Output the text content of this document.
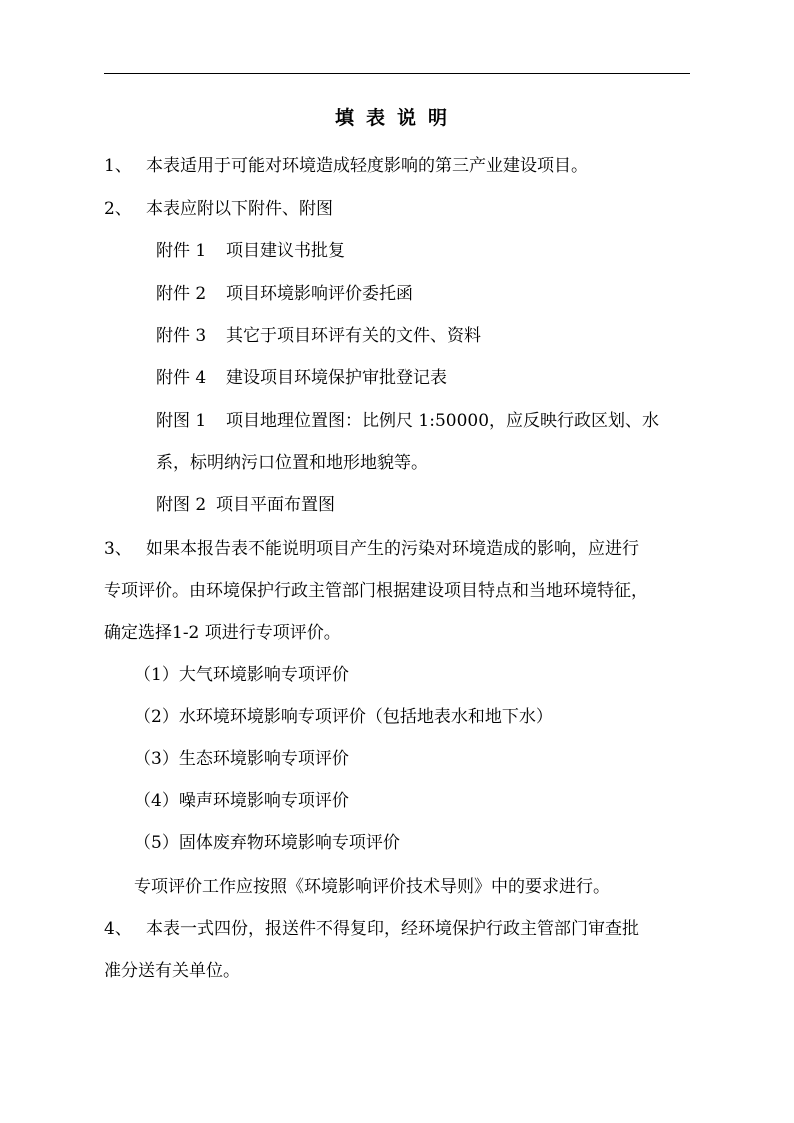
填表说明
1、 本表适用于可能对环境造成轻度影响的第三产业建设项目。
2、 本表应附以下附件、附图
附件 1 项目建议书批复
附件 2 项目环境影响评价委托函
附件 3 其它于项目环评有关的文件、资料
附件 4 建设项目环境保护审批登记表
附图 1 项目地理位置图：比例尺 1:50000，应反映行政区划、水
系，标明纳污口位置和地形地貌等。
附图 2 项目平面布置图
3、 如果本报告表不能说明项目产生的污染对环境造成的影响，应进行
专项评价。由环境保护行政主管部门根据建设项目特点和当地环境特征，
确定选择1-2 项进行专项评价。
（1）大气环境影响专项评价
（2）水环境环境影响专项评价（包括地表水和地下水）
（3）生态环境影响专项评价
（4）噪声环境影响专项评价
（5）固体废弃物环境影响专项评价
专项评价工作应按照《环境影响评价技术导则》中的要求进行。
4、 本表一式四份，报送件不得复印，经环境保护行政主管部门审查批
准分送有关单位。
